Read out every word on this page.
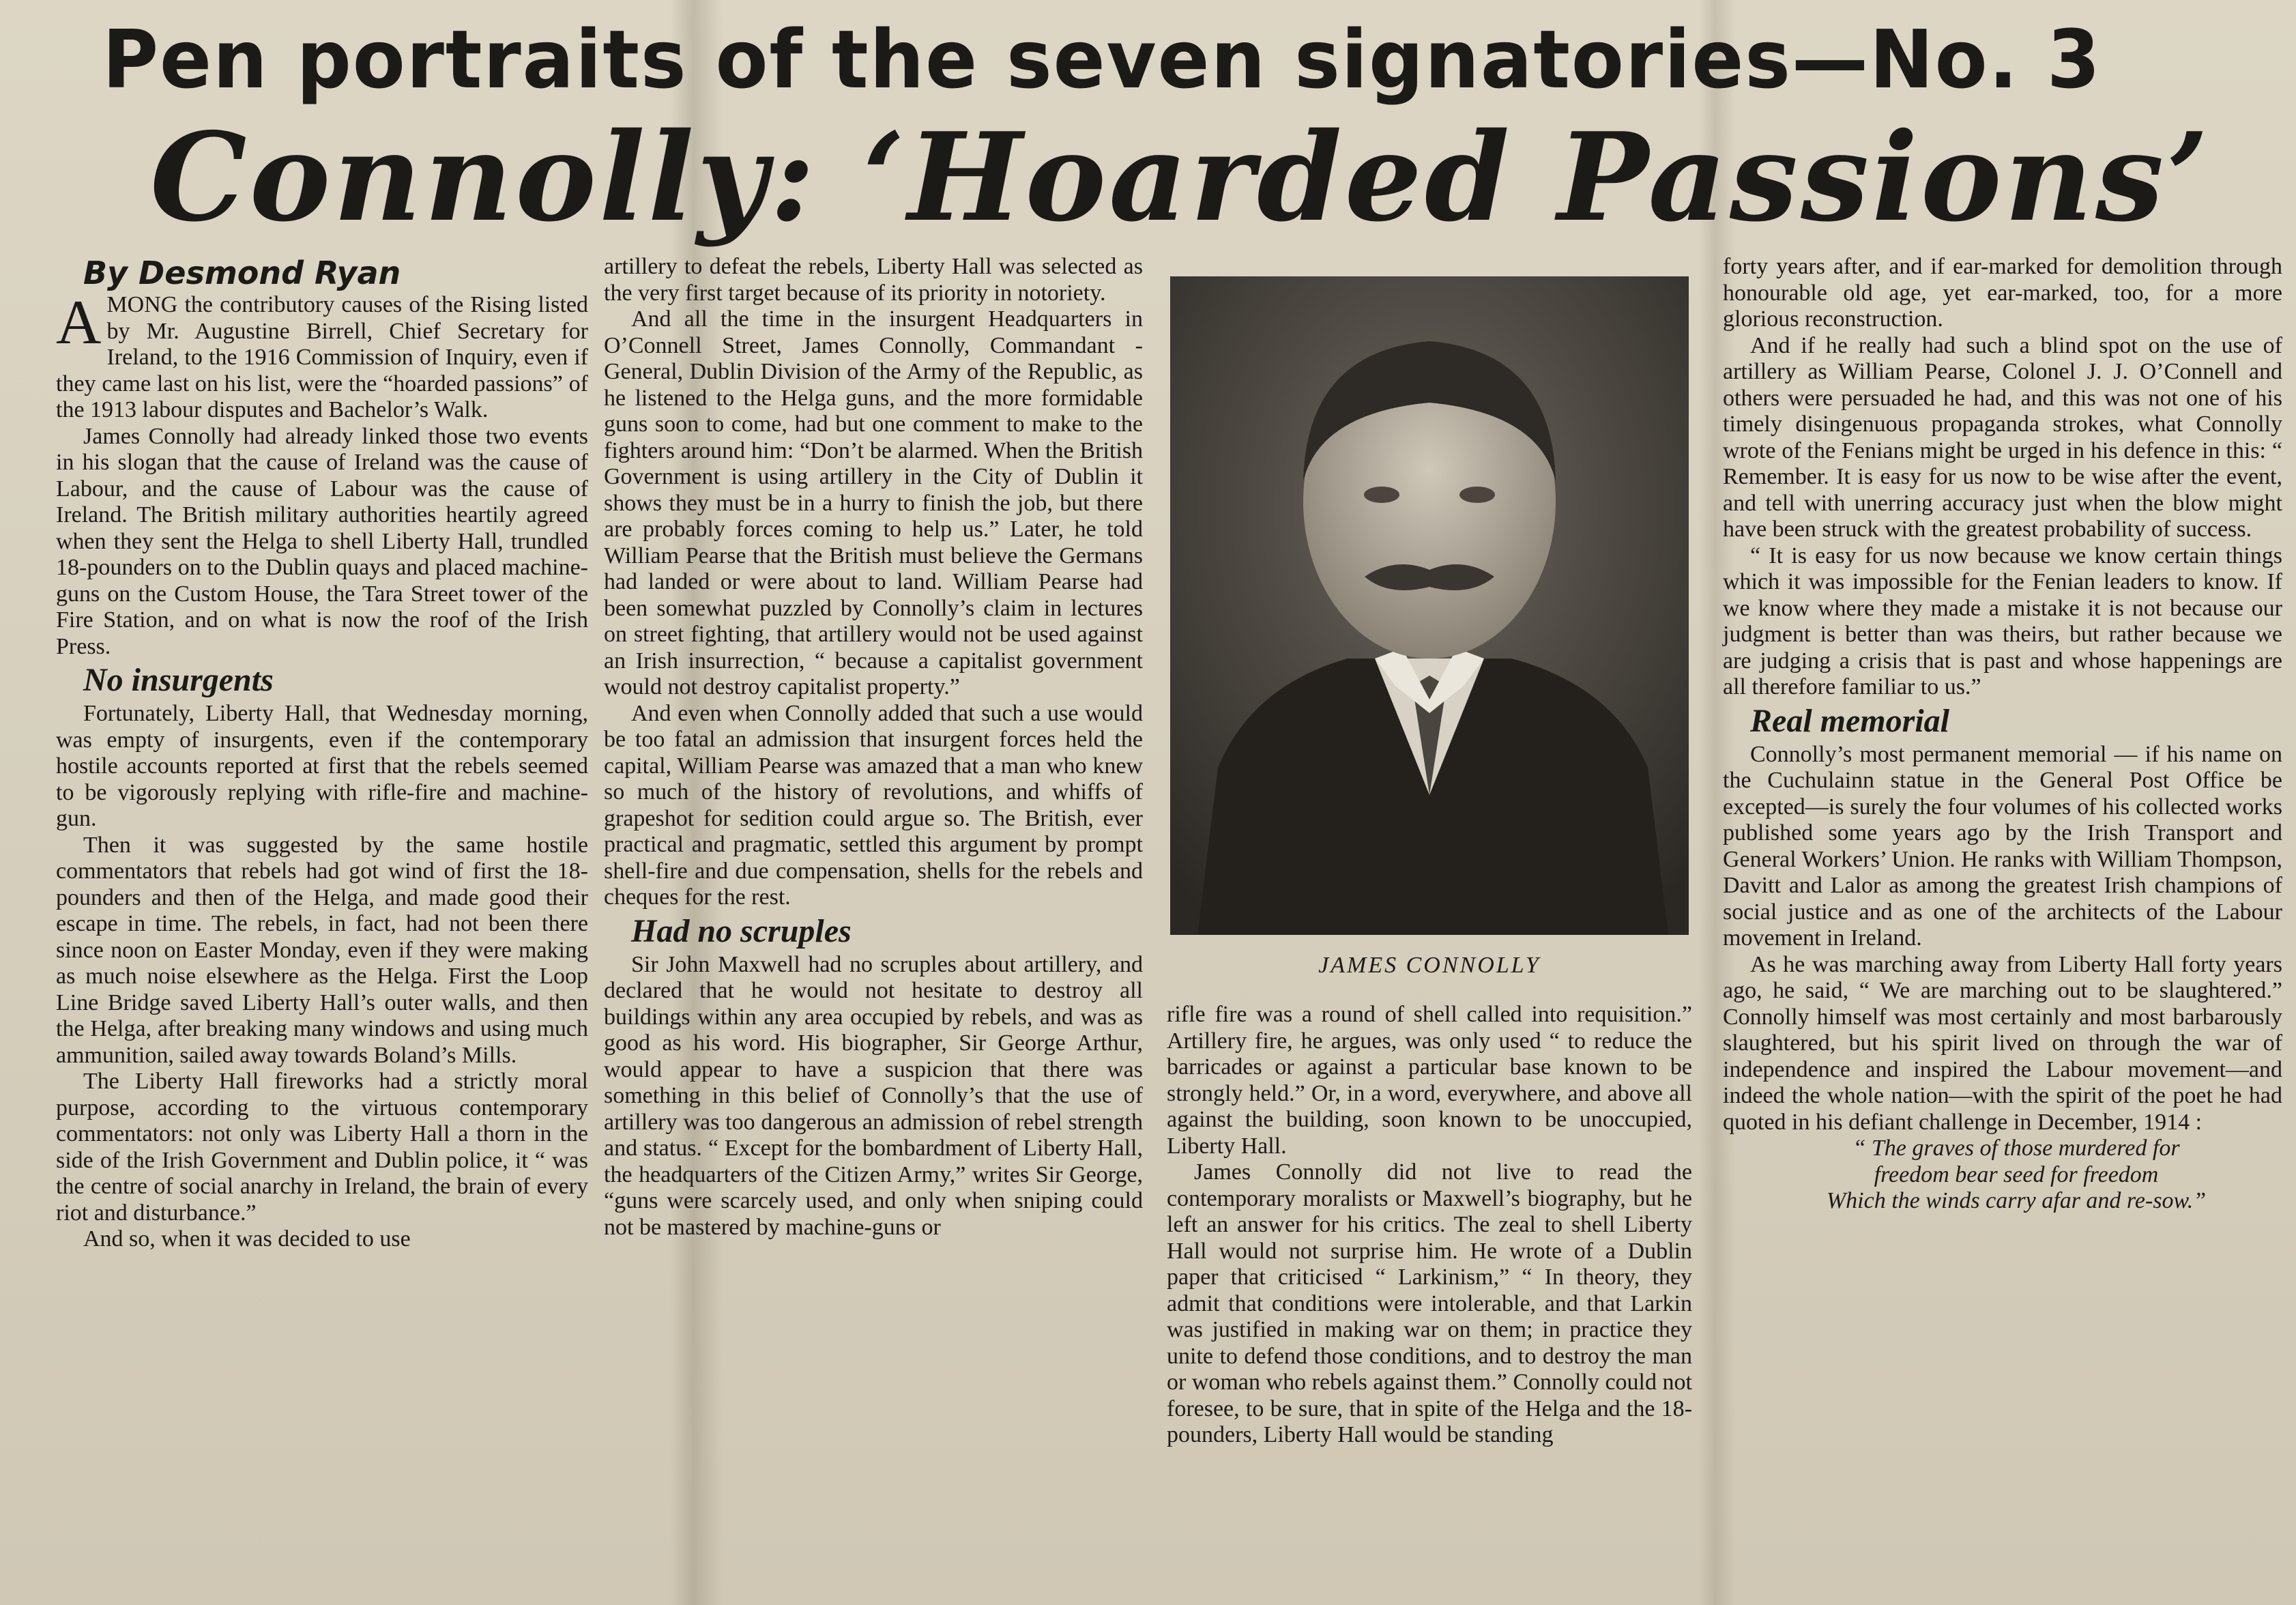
Pen portraits of the seven signatories—No. 3
Connolly: ‘Hoarded Passions’

By Desmond Ryan

AMONG the contributory causes of the Rising listed by Mr. Augustine Birrell, Chief Secretary for Ireland, to the 1916 Commission of Inquiry, even if they came last on his list, were the “hoarded passions” of the 1913 labour disputes and Bachelor’s Walk.

James Connolly had already linked those two events in his slogan that the cause of Ireland was the cause of Labour, and the cause of Labour was the cause of Ireland. The British military authorities heartily agreed when they sent the Helga to shell Liberty Hall, trundled 18-pounders on to the Dublin quays and placed machine-guns on the Custom House, the Tara Street tower of the Fire Station, and on what is now the roof of the Irish Press.

No insurgents

Fortunately, Liberty Hall, that Wednesday morning, was empty of insurgents, even if the contemporary hostile accounts reported at first that the rebels seemed to be vigorously replying with rifle-fire and machine-gun.

Then it was suggested by the same hostile commentators that rebels had got wind of first the 18-pounders and then of the Helga, and made good their escape in time. The rebels, in fact, had not been there since noon on Easter Monday, even if they were making as much noise elsewhere as the Helga. First the Loop Line Bridge saved Liberty Hall’s outer walls, and then the Helga, after breaking many windows and using much ammunition, sailed away towards Boland’s Mills.

The Liberty Hall fireworks had a strictly moral purpose, according to the virtuous contemporary commentators: not only was Liberty Hall a thorn in the side of the Irish Government and Dublin police, it “ was the centre of social anarchy in Ireland, the brain of every riot and disturbance.”

And so, when it was decided to use

artillery to defeat the rebels, Liberty Hall was selected as the very first target because of its priority in notoriety.

And all the time in the insurgent Headquarters in O’Connell Street, James Connolly, Commandant - General, Dublin Division of the Army of the Republic, as he listened to the Helga guns, and the more formidable guns soon to come, had but one comment to make to the fighters around him: “Don’t be alarmed. When the British Government is using artillery in the City of Dublin it shows they must be in a hurry to finish the job, but there are probably forces coming to help us.” Later, he told William Pearse that the British must believe the Germans had landed or were about to land. William Pearse had been somewhat puzzled by Connolly’s claim in lectures on street fighting, that artillery would not be used against an Irish insurrection, “ because a capitalist government would not destroy capitalist property.”

And even when Connolly added that such a use would be too fatal an admission that insurgent forces held the capital, William Pearse was amazed that a man who knew so much of the history of revolutions, and whiffs of grapeshot for sedition could argue so. The British, ever practical and pragmatic, settled this argument by prompt shell-fire and due compensation, shells for the rebels and cheques for the rest.

Had no scruples

Sir John Maxwell had no scruples about artillery, and declared that he would not hesitate to destroy all buildings within any area occupied by rebels, and was as good as his word. His biographer, Sir George Arthur, would appear to have a suspicion that there was something in this belief of Connolly’s that the use of artillery was too dangerous an admission of rebel strength and status. “ Except for the bombardment of Liberty Hall, the headquarters of the Citizen Army,” writes Sir George, “guns were scarcely used, and only when sniping could not be mastered by machine-guns or

JAMES CONNOLLY

rifle fire was a round of shell called into requisition.” Artillery fire, he argues, was only used “ to reduce the barricades or against a particular base known to be strongly held.” Or, in a word, everywhere, and above all against the building, soon known to be unoccupied, Liberty Hall.

James Connolly did not live to read the contemporary moralists or Maxwell’s biography, but he left an answer for his critics. The zeal to shell Liberty Hall would not surprise him. He wrote of a Dublin paper that criticised “ Larkinism,” “ In theory, they admit that conditions were intolerable, and that Larkin was justified in making war on them; in practice they unite to defend those conditions, and to destroy the man or woman who rebels against them.” Connolly could not foresee, to be sure, that in spite of the Helga and the 18-pounders, Liberty Hall would be standing

forty years after, and if ear-marked for demolition through honourable old age, yet ear-marked, too, for a more glorious reconstruction.

And if he really had such a blind spot on the use of artillery as William Pearse, Colonel J. J. O’Connell and others were persuaded he had, and this was not one of his timely disingenuous propaganda strokes, what Connolly wrote of the Fenians might be urged in his defence in this: “ Remember. It is easy for us now to be wise after the event, and tell with unerring accuracy just when the blow might have been struck with the greatest probability of success.

“ It is easy for us now because we know certain things which it was impossible for the Fenian leaders to know. If we know where they made a mistake it is not because our judgment is better than was theirs, but rather because we are judging a crisis that is past and whose happenings are all therefore familiar to us.”

Real memorial

Connolly’s most permanent memorial — if his name on the Cuchulainn statue in the General Post Office be excepted—is surely the four volumes of his collected works published some years ago by the Irish Transport and General Workers’ Union. He ranks with William Thompson, Davitt and Lalor as among the greatest Irish champions of social justice and as one of the architects of the Labour movement in Ireland.

As he was marching away from Liberty Hall forty years ago, he said, “ We are marching out to be slaughtered.” Connolly himself was most certainly and most barbarously slaughtered, but his spirit lived on through the war of independence and inspired the Labour movement—and indeed the whole nation—with the spirit of the poet he had quoted in his defiant challenge in December, 1914 :

“ The graves of those murdered for

freedom bear seed for freedom

Which the winds carry afar and re-sow.”
